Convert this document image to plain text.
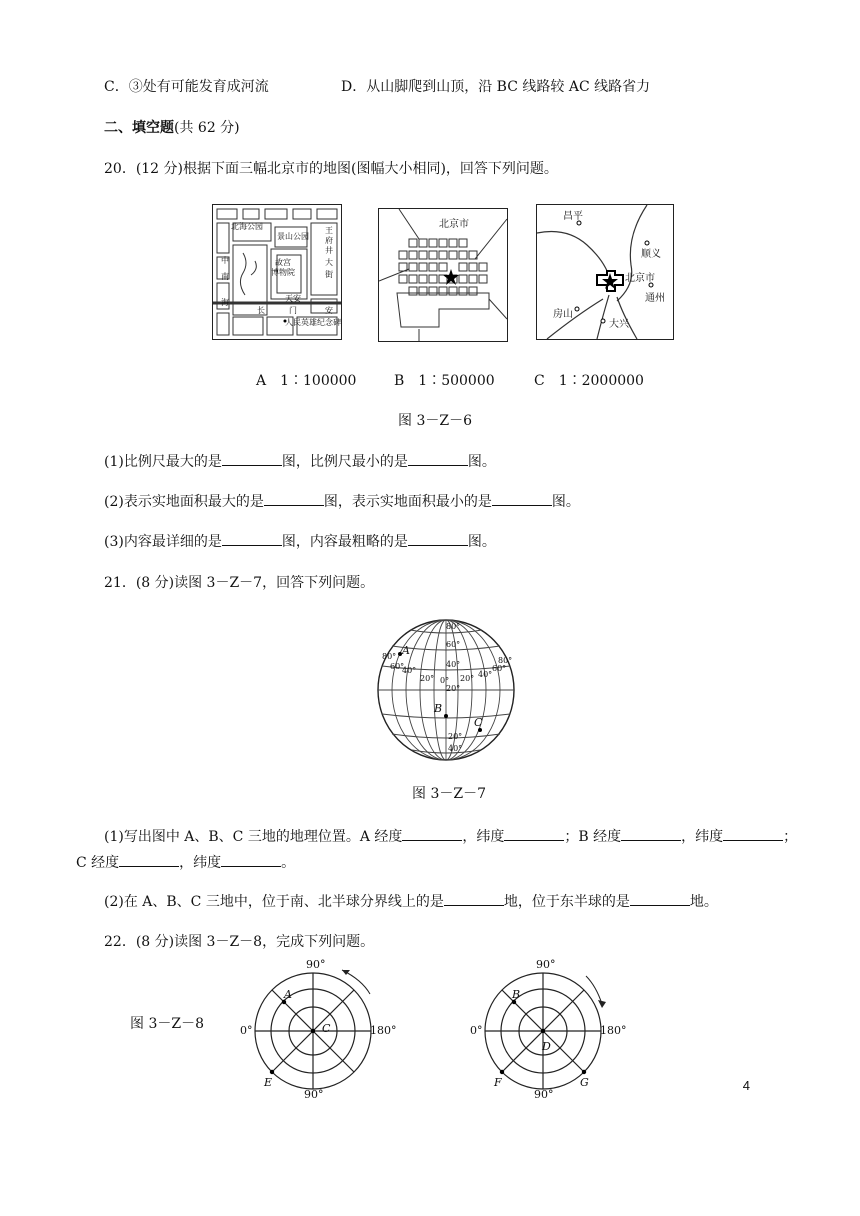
C．③处有可能发育成河流	D．从山脚爬到山顶，沿 BC 线路较 AC 线路省力
二、填空题(共 62 分)
20．(12 分)根据下面三幅北京市的地图(图幅大小相同)，回答下列问题。
北海公园
景山公园
故宫
博物院
中
南
海
王
府
井
大
街
天安
门
长	安
人民英雄纪念碑
北京市
昌平
顺义
北京市
通州
房山
大兴
A　1∶100000	B　1∶500000	C　1∶2000000
图 3－Z－6
(1)比例尺最大的是	图，比例尺最小的是	图。
(2)表示实地面积最大的是	图，表示实地面积最小的是	图。
(3)内容最详细的是	图，内容最粗略的是	图。
21．(8 分)读图 3－Z－7，回答下列问题。
80°
60°
40°
20°
20°
40°
40°
20° 0° 20° 40°
60°
80°
80°
60°
A
B
C
图 3－Z－7
(1)写出图中 A、B、C 三地的地理位置。A 经度	，纬度	；B 经度	，纬度	；
C 经度	，纬度	。
(2)在 A、B、C 三地中，位于南、北半球分界线上的是	地，位于东半球的是	地。
22．(8 分)读图 3－Z－8，完成下列问题。
图 3－Z－8
90°
90°
0°	180°
A
C
E
90°
90°
0°	180°
B
D
F	G	4
